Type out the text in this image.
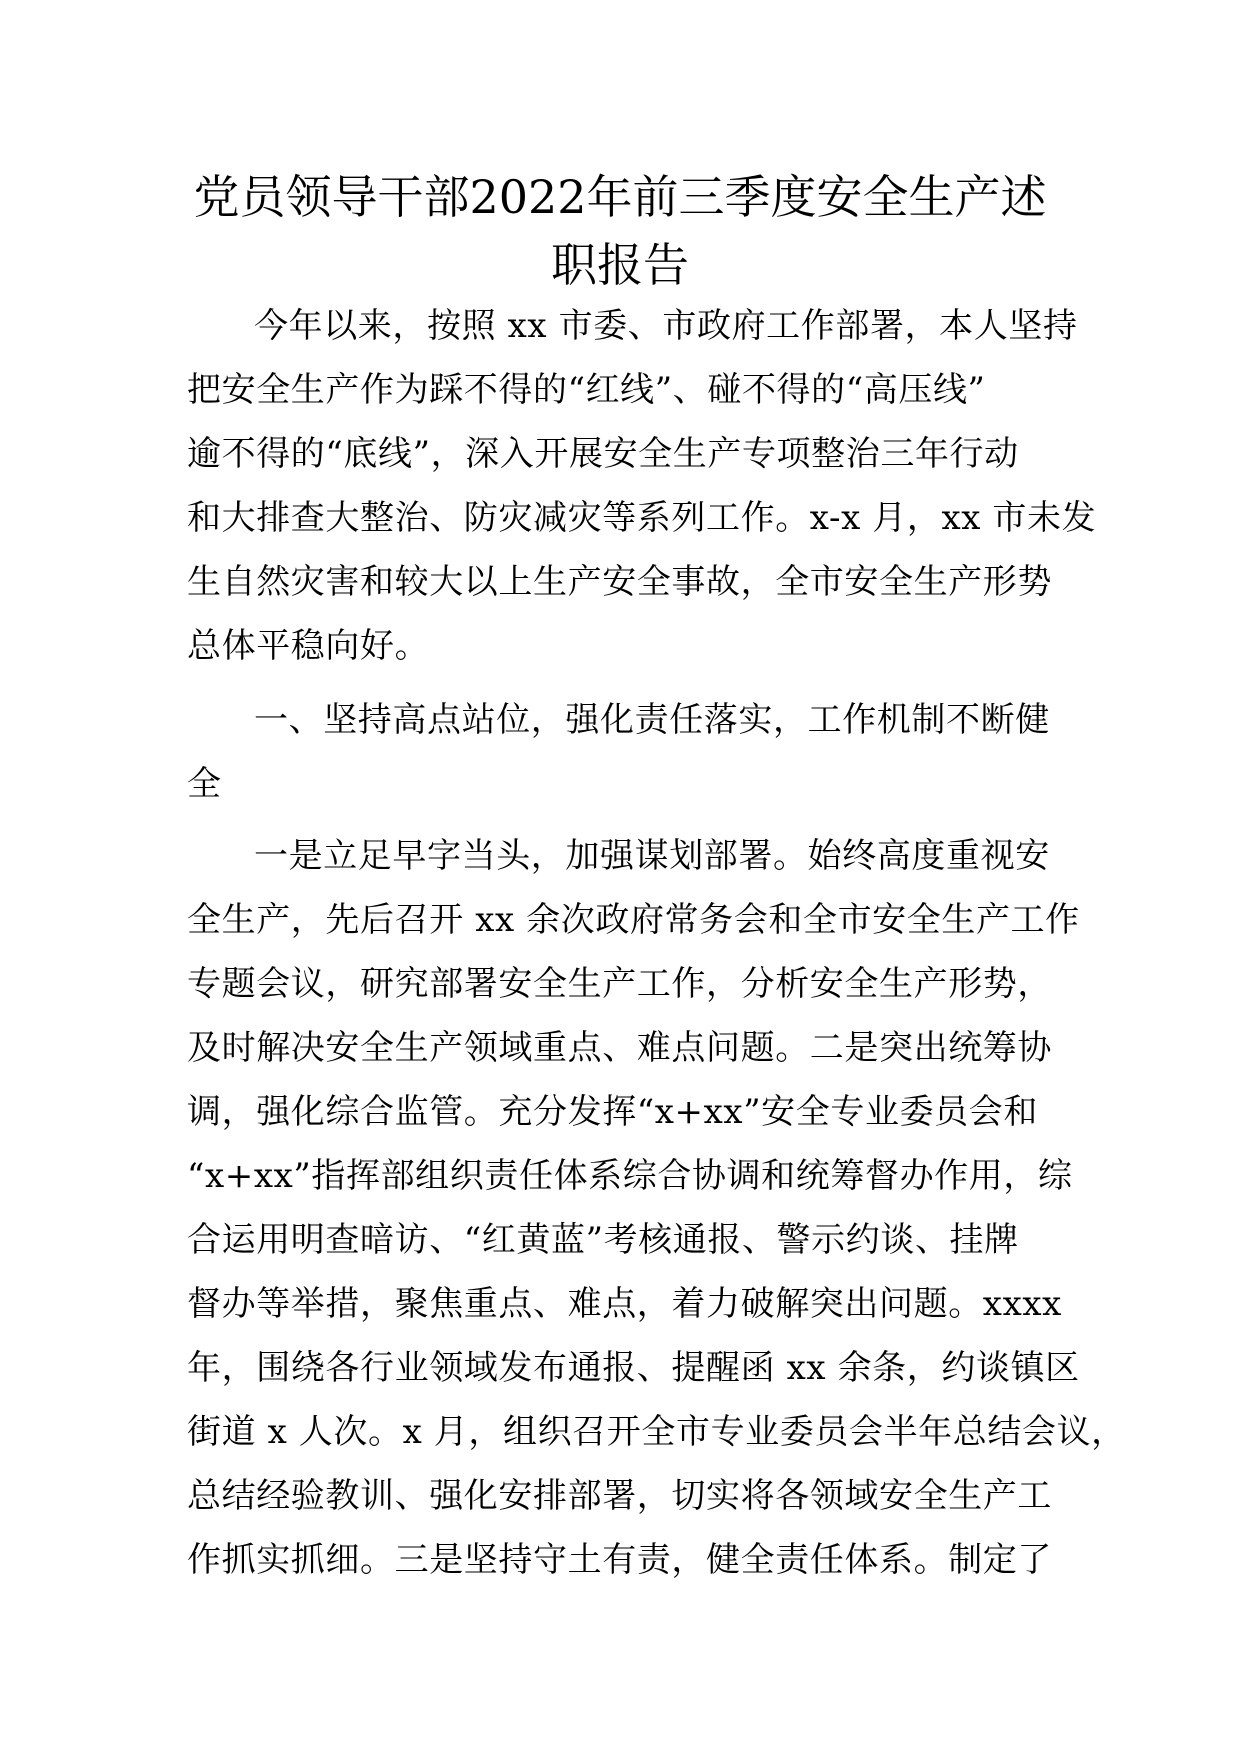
党员领导干部2022年前三季度安全生产述
职报告
今年以来，按照 xx 市委、市政府工作部署，本人坚持
把安全生产作为踩不得的“红线”、碰不得的“高压线”
逾不得的“底线”，深入开展安全生产专项整治三年行动
和大排查大整治、防灾减灾等系列工作。x-x 月，xx 市未发
生自然灾害和较大以上生产安全事故，全市安全生产形势
总体平稳向好。
一、坚持高点站位，强化责任落实，工作机制不断健
全
一是立足早字当头，加强谋划部署。始终高度重视安
全生产，先后召开 xx 余次政府常务会和全市安全生产工作
专题会议，研究部署安全生产工作，分析安全生产形势，
及时解决安全生产领域重点、难点问题。二是突出统筹协
调，强化综合监管。充分发挥“x+xx”安全专业委员会和
“x+xx”指挥部组织责任体系综合协调和统筹督办作用，综
合运用明查暗访、“红黄蓝”考核通报、警示约谈、挂牌
督办等举措，聚焦重点、难点，着力破解突出问题。xxxx
年，围绕各行业领域发布通报、提醒函 xx 余条，约谈镇区
街道 x 人次。x 月，组织召开全市专业委员会半年总结会议，
总结经验教训、强化安排部署，切实将各领域安全生产工
作抓实抓细。三是坚持守土有责，健全责任体系。制定了
